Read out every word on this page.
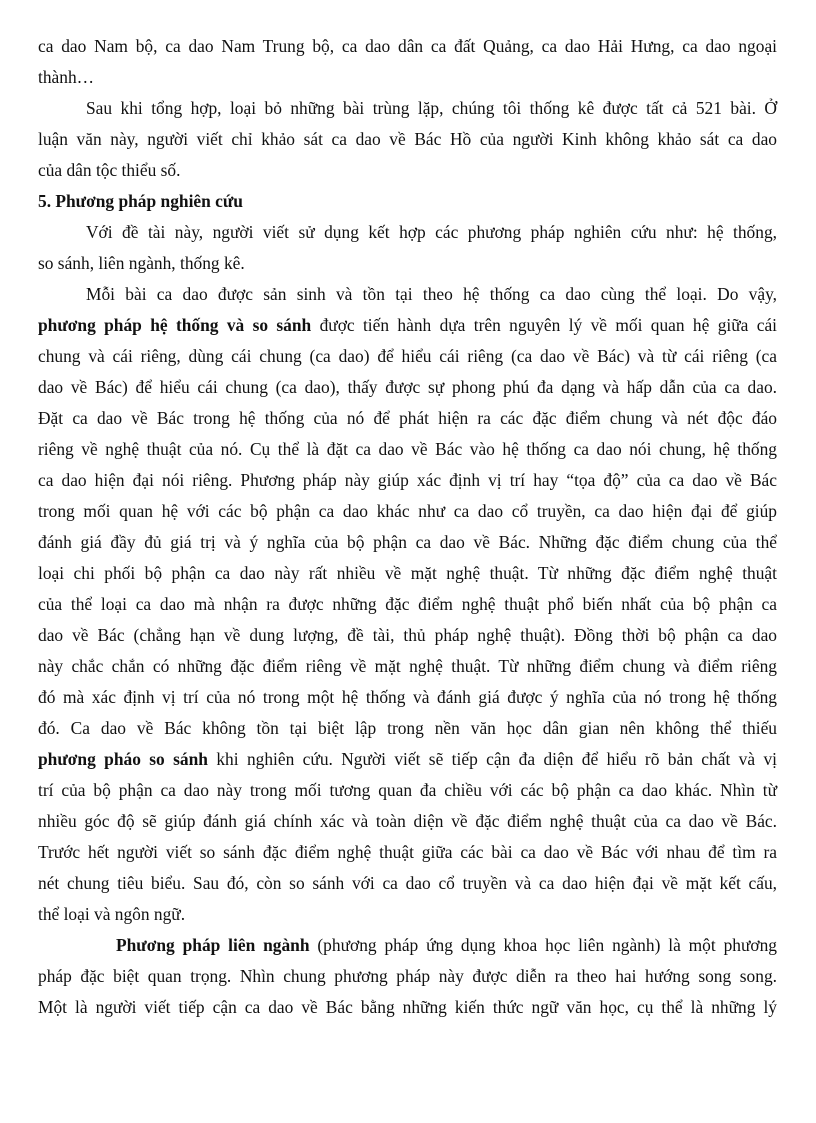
ca dao Nam bộ, ca dao Nam Trung bộ, ca dao dân ca đất Quảng, ca dao Hải Hưng, ca dao ngoại
thành…
Sau khi tổng hợp, loại bỏ những bài trùng lặp, chúng tôi thống kê được tất cả 521 bài. Ở
luận văn này, người viết chỉ khảo sát ca dao về Bác Hồ của người Kinh không khảo sát ca dao
của dân tộc thiểu số.
5. Phương pháp nghiên cứu
Với đề tài này, người viết sử dụng kết hợp các phương pháp nghiên cứu như: hệ thống,
so sánh, liên ngành, thống kê.
Mỗi bài ca dao được sản sinh và tồn tại theo hệ thống ca dao cùng thể loại. Do vậy,
phương pháp hệ thống và so sánh được tiến hành dựa trên nguyên lý về mối quan hệ giữa cái
chung và cái riêng, dùng cái chung (ca dao) để hiểu cái riêng (ca dao về Bác) và từ cái riêng (ca
dao về Bác) để hiểu cái chung (ca dao), thấy được sự phong phú đa dạng và hấp dẫn của ca dao.
Đặt ca dao về Bác trong hệ thống của nó để phát hiện ra các đặc điểm chung và nét độc đáo
riêng về nghệ thuật của nó. Cụ thể là đặt ca dao về Bác vào hệ thống ca dao nói chung, hệ thống
ca dao hiện đại nói riêng. Phương pháp này giúp xác định vị trí hay “tọa độ” của ca dao về Bác
trong mối quan hệ với các bộ phận ca dao khác như ca dao cổ truyền, ca dao hiện đại để giúp
đánh giá đầy đủ giá trị và ý nghĩa của bộ phận ca dao về Bác. Những đặc điểm chung của thể
loại chi phối bộ phận ca dao này rất nhiều về mặt nghệ thuật. Từ những đặc điểm nghệ thuật
của thể loại ca dao mà nhận ra được những đặc điểm nghệ thuật phổ biến nhất của bộ phận ca
dao về Bác (chẳng hạn về dung lượng, đề tài, thủ pháp nghệ thuật). Đồng thời bộ phận ca dao
này chắc chắn có những đặc điểm riêng về mặt nghệ thuật. Từ những điểm chung và điểm riêng
đó mà xác định vị trí của nó trong một hệ thống và đánh giá được ý nghĩa của nó trong hệ thống
đó. Ca dao về Bác không tồn tại biệt lập trong nền văn học dân gian nên không thể thiếu
phương pháo so sánh khi nghiên cứu. Người viết sẽ tiếp cận đa diện để hiểu rõ bản chất và vị
trí của bộ phận ca dao này trong mối tương quan đa chiều với các bộ phận ca dao khác. Nhìn từ
nhiều góc độ sẽ giúp đánh giá chính xác và toàn diện về đặc điểm nghệ thuật của ca dao về Bác.
Trước hết người viết so sánh đặc điểm nghệ thuật giữa các bài ca dao về Bác với nhau để tìm ra
nét chung tiêu biểu. Sau đó, còn so sánh với ca dao cổ truyền và ca dao hiện đại về mặt kết cấu,
thể loại và ngôn ngữ.
Phương pháp liên ngành (phương pháp ứng dụng khoa học liên ngành) là một phương
pháp đặc biệt quan trọng. Nhìn chung phương pháp này được diễn ra theo hai hướng song song.
Một là người viết tiếp cận ca dao về Bác bằng những kiến thức ngữ văn học, cụ thể là những lý
